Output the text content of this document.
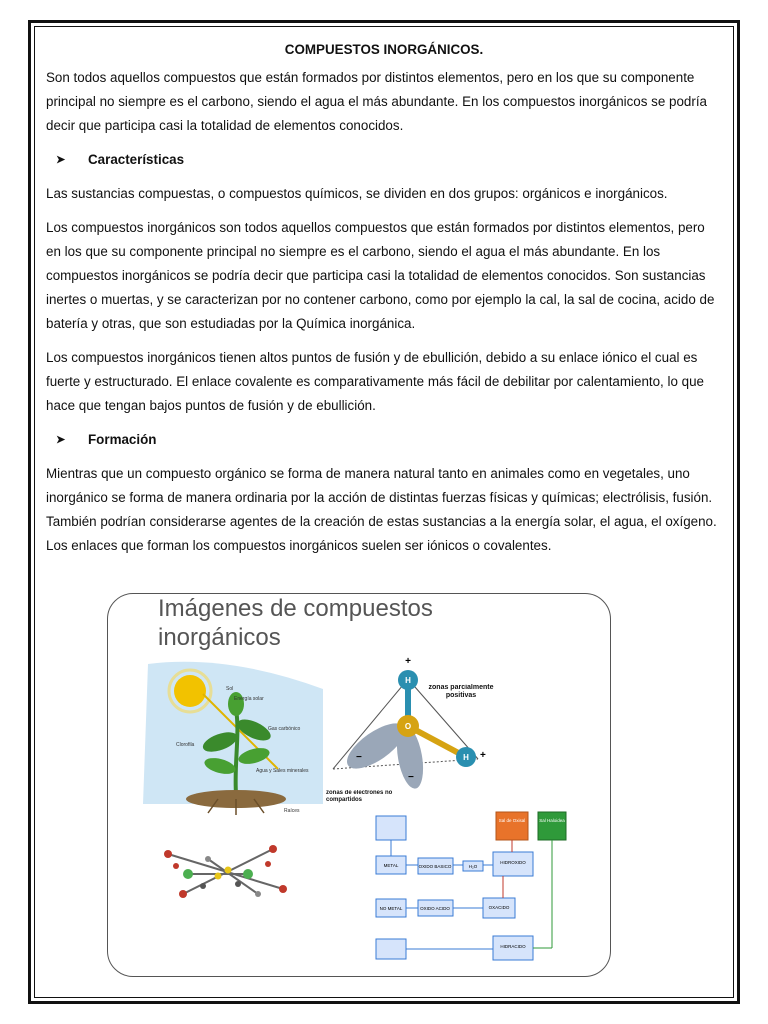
COMPUESTOS INORGÁNICOS.

Son todos aquellos compuestos que están formados por distintos elementos, pero en los que su componente principal no siempre es el carbono, siendo el agua el más abundante. En los compuestos inorgánicos se podría decir que participa casi la totalidad de elementos conocidos.

➤	Características

Las sustancias compuestas, o compuestos químicos, se dividen en dos grupos: orgánicos e inorgánicos.

Los compuestos inorgánicos son todos aquellos compuestos que están formados por distintos elementos, pero en los que su componente principal no siempre es el carbono, siendo el agua el más abundante. En los compuestos inorgánicos se podría decir que participa casi la totalidad de elementos conocidos. Son sustancias inertes o muertas, y se caracterizan por no contener carbono, como por ejemplo la cal, la sal de cocina, acido de batería y otras, que son estudiadas por la Química inorgánica.

Los compuestos inorgánicos tienen altos puntos de fusión y de ebullición, debido a su enlace iónico el cual es fuerte y estructurado. El enlace covalente es comparativamente más fácil de debilitar por calentamiento, lo que hace que tengan bajos puntos de fusión y de ebullición.

➤	Formación

Mientras que un compuesto orgánico se forma de manera natural tanto en animales como en vegetales, uno inorgánico se forma de manera ordinaria por la acción de distintas fuerzas físicas y químicas; electrólisis, fusión. También podrían considerarse agentes de la creación de estas sustancias a la energía solar, el agua, el oxígeno. Los enlaces que forman los compuestos inorgánicos suelen ser iónicos o covalentes.

Imágenes de compuestos inorgánicos
Sol
Energía solar
Gas carbónico
Clorofila
Agua y Sales minerales
Raíces
H
O
H
+
+
−
−
zonas parcialmente positivas
zonas de electrones no compartidos
METAL
NO METAL
OXIDO BASICO
OXIDO ACIDO
H₂O
OXACIDO
HIDROXIDO
HIDRACIDO
Sal de Oxisal	Sal Haloidea
